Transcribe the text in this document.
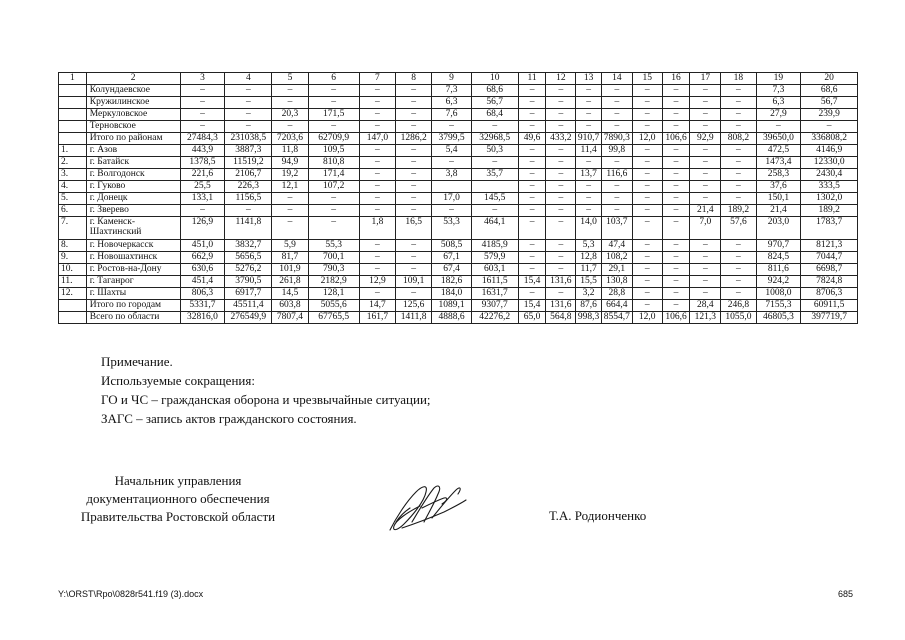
1	2	3	4	5	6	7	8	9	10	11	12	13	14	15	16	17	18	19	20
	Колундаевское	–	–	–	–	–	–	7,3	68,6	–	–	–	–	–	–	–	–	7,3	68,6
	Кружилинское	–	–	–	–	–	–	6,3	56,7	–	–	–	–	–	–	–	–	6,3	56,7
	Меркуловское	–	–	20,3	171,5	–	–	7,6	68,4	–	–	–	–	–	–	–	–	27,9	239,9
	Терновское	–	–	–	–	–	–	–	–	–	–	–	–	–	–	–	–	–	–
	Итого по районам	27484,3	231038,5	7203,6	62709,9	147,0	1286,2	3799,5	32968,5	49,6	433,2	910,7	7890,3	12,0	106,6	92,9	808,2	39650,0	336808,2
1.	г. Азов	443,9	3887,3	11,8	109,5	–	–	5,4	50,3	–	–	11,4	99,8	–	–	–	–	472,5	4146,9
2.	г. Батайск	1378,5	11519,2	94,9	810,8	–	–	–	–	–	–	–	–	–	–	–	–	1473,4	12330,0
3.	г. Волгодонск	221,6	2106,7	19,2	171,4	–	–	3,8	35,7	–	–	13,7	116,6	–	–	–	–	258,3	2430,4
4.	г. Гуково	25,5	226,3	12,1	107,2	–	–			–	–	–	–	–	–	–	–	37,6	333,5
5.	г. Донецк	133,1	1156,5	–	–	–	–	17,0	145,5	–	–	–	–	–	–	–	–	150,1	1302,0
6.	г. Зверево	–	–	–	–	–	–	–	–	–	–	–	–	–	–	21,4	189,2	21,4	189,2
7.	г. Каменск-Шахтинский	126,9	1141,8	–	–	1,8	16,5	53,3	464,1	–	–	14,0	103,7	–	–	7,0	57,6	203,0	1783,7
8.	г. Новочеркасск	451,0	3832,7	5,9	55,3	–	–	508,5	4185,9	–	–	5,3	47,4	–	–	–	–	970,7	8121,3
9.	г. Новошахтинск	662,9	5656,5	81,7	700,1	–	–	67,1	579,9	–	–	12,8	108,2	–	–	–	–	824,5	7044,7
10.	г. Ростов-на-Дону	630,6	5276,2	101,9	790,3	–	–	67,4	603,1	–	–	11,7	29,1	–	–	–	–	811,6	6698,7
11.	г. Таганрог	451,4	3790,5	261,8	2182,9	12,9	109,1	182,6	1611,5	15,4	131,6	15,5	130,8	–	–	–	–	924,2	7824,8
12.	г. Шахты	806,3	6917,7	14,5	128,1	–	–	184,0	1631,7	–	–	3,2	28,8	–	–	–	–	1008,0	8706,3
	Итого по городам	5331,7	45511,4	603,8	5055,6	14,7	125,6	1089,1	9307,7	15,4	131,6	87,6	664,4	–	–	28,4	246,8	7155,3	60911,5
	Всего по области	32816,0	276549,9	7807,4	67765,5	161,7	1411,8	4888,6	42276,2	65,0	564,8	998,3	8554,7	12,0	106,6	121,3	1055,0	46805,3	397719,7
Примечание.
Используемые сокращения:
ГО и ЧС – гражданская оборона и чрезвычайные ситуации;
ЗАГС – запись актов гражданского состояния.
Начальник управления
документационного обеспечения
Правительства Ростовской области	Т.А. Родионченко
Y:\ORST\Rpo\0828r541.f19 (3).docx	685
